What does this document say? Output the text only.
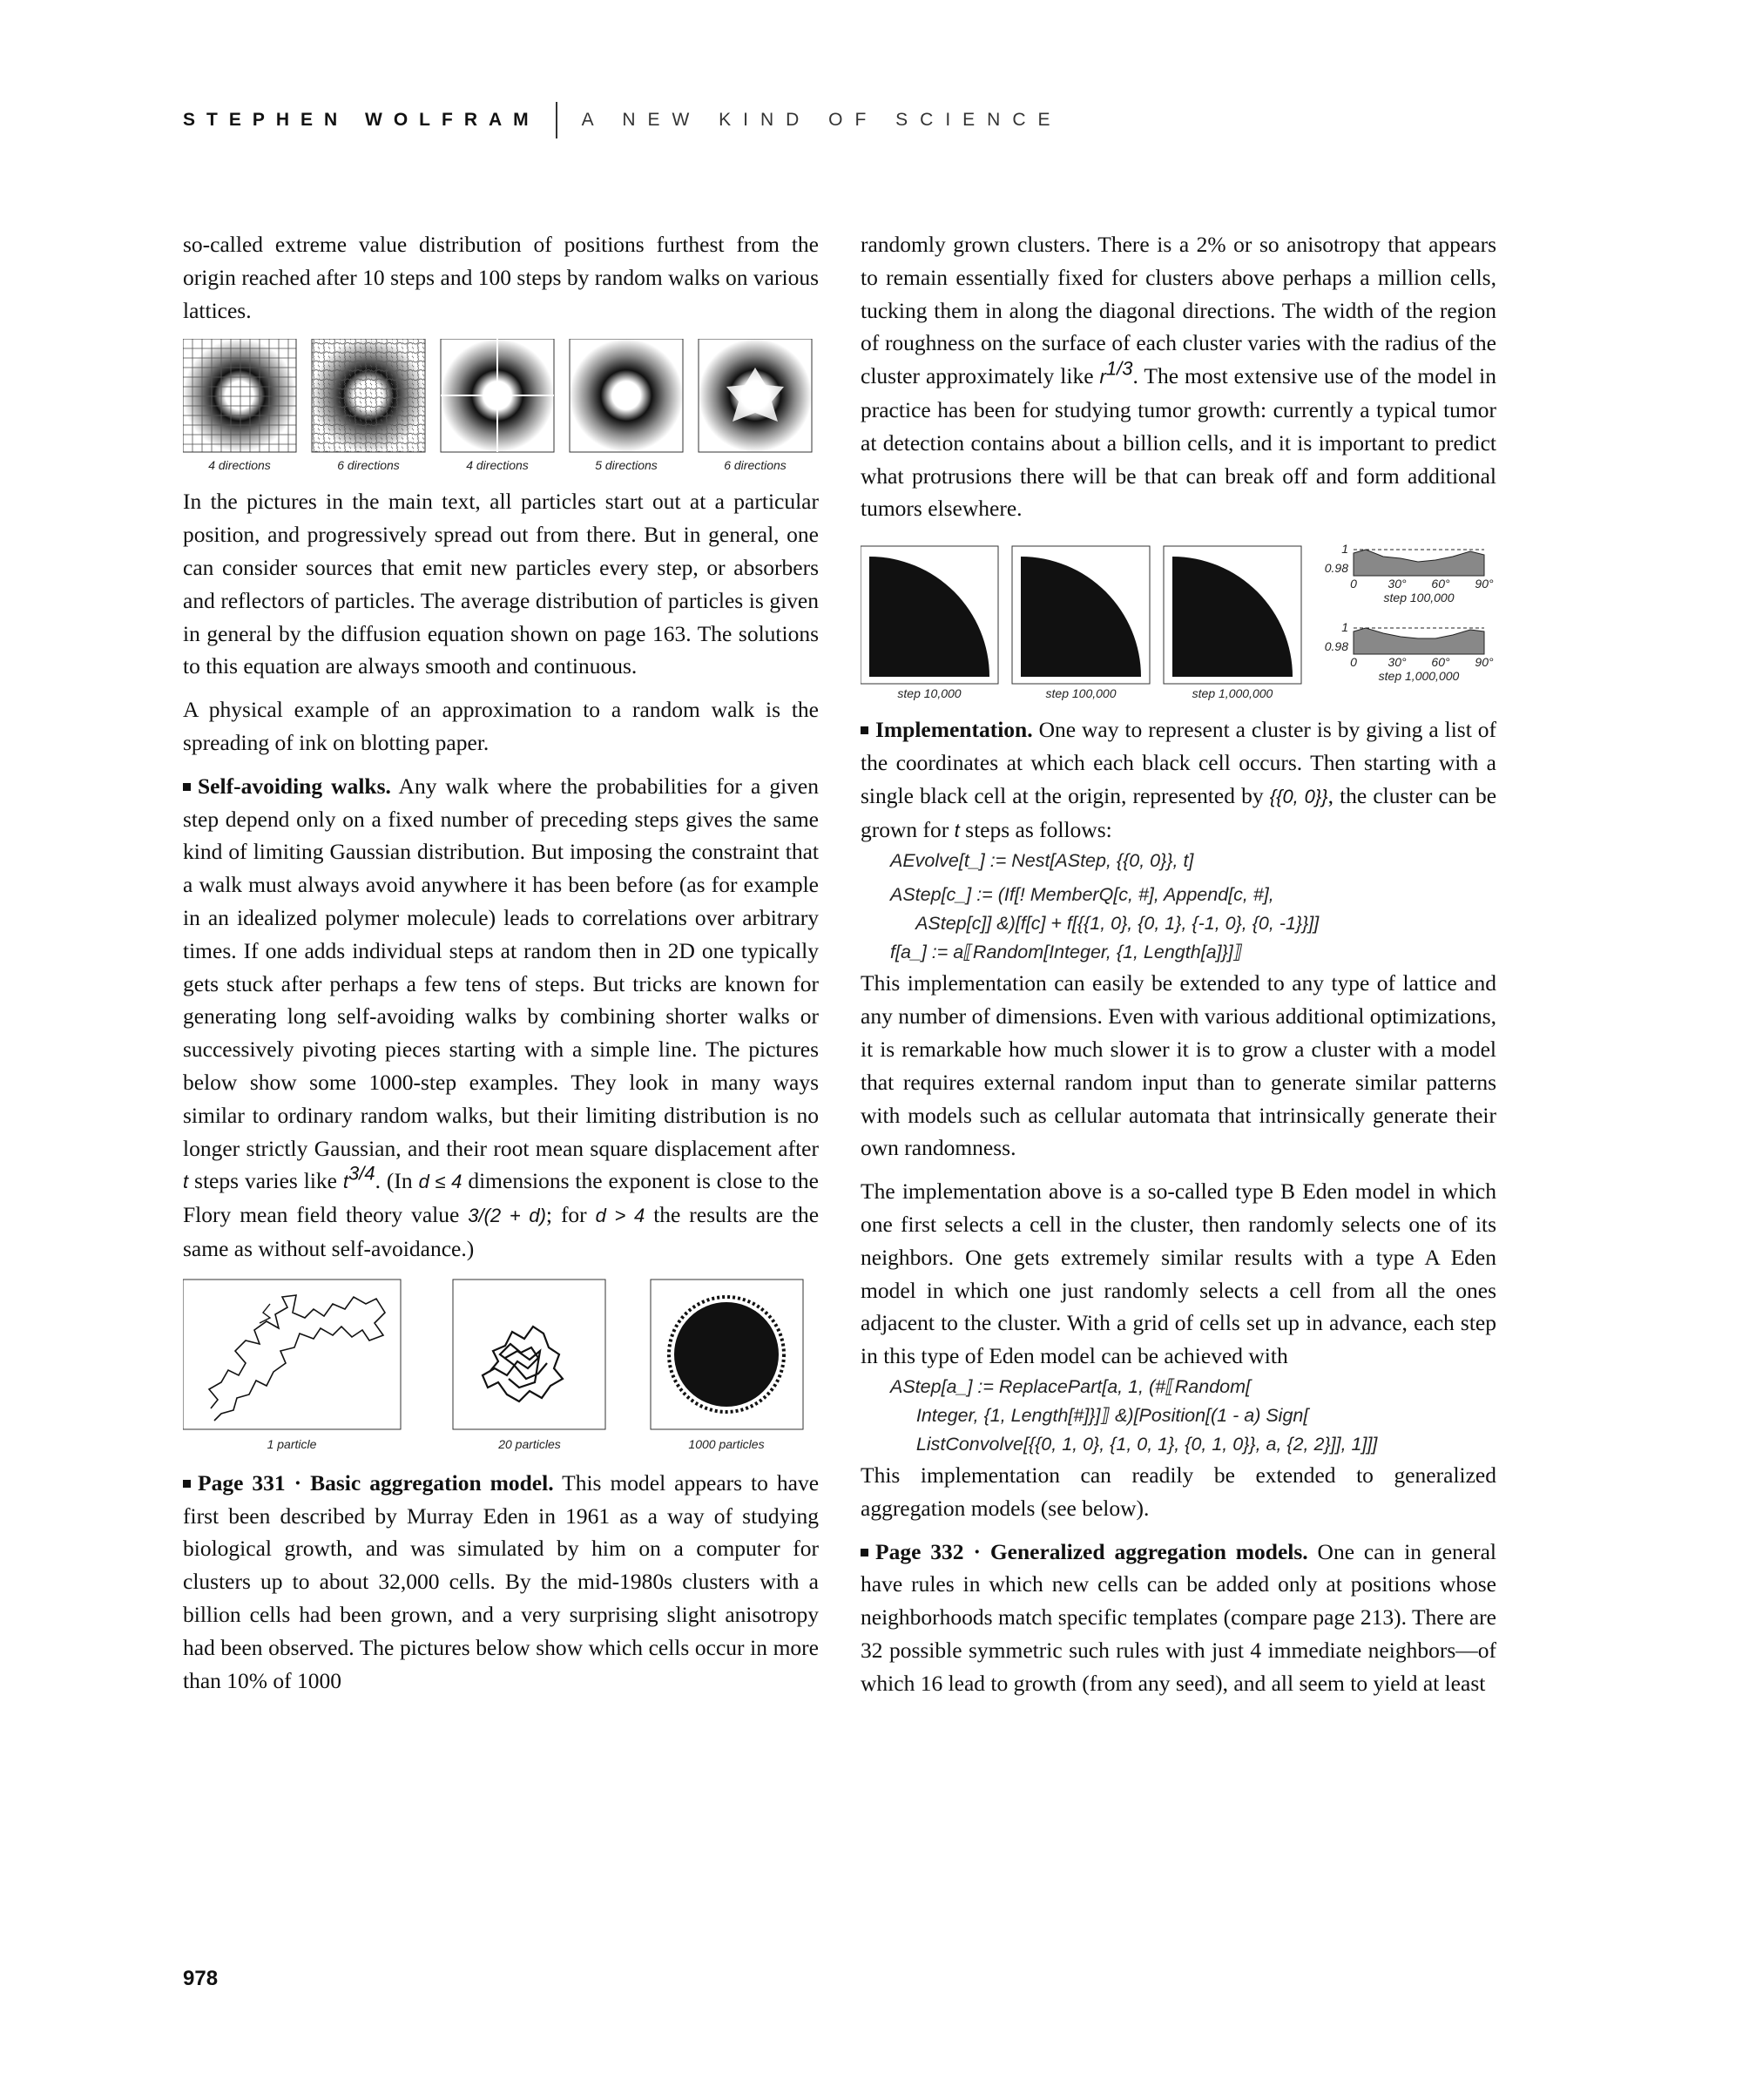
STEPHEN WOLFRAM A NEW KIND OF SCIENCE

so-called extreme value distribution of positions furthest from the origin reached after 10 steps and 100 steps by random walks on various lattices.

4 directions	6 directions	4 directions	5 directions	6 directions

In the pictures in the main text, all particles start out at a particular position, and progressively spread out from there. But in general, one can consider sources that emit new particles every step, or absorbers and reflectors of particles. The average distribution of particles is given in general by the diffusion equation shown on page 163. The solutions to this equation are always smooth and continuous.

A physical example of an approximation to a random walk is the spreading of ink on blotting paper.

Self-avoiding walks. Any walk where the probabilities for a given step depend only on a fixed number of preceding steps gives the same kind of limiting Gaussian distribution. But imposing the constraint that a walk must always avoid anywhere it has been before (as for example in an idealized polymer molecule) leads to correlations over arbitrary times. If one adds individual steps at random then in 2D one typically gets stuck after perhaps a few tens of steps. But tricks are known for generating long self-avoiding walks by combining shorter walks or successively pivoting pieces starting with a simple line. The pictures below show some 1000-step examples. They look in many ways similar to ordinary random walks, but their limiting distribution is no longer strictly Gaussian, and their root mean square displacement after t steps varies like $t^{3/4}$. (In d ≤ 4 dimensions the exponent is close to the Flory mean field theory value 3/(2 + d); for d > 4 the results are the same as without self-avoidance.)

1 particle	20 particles	1000 particles

Page 331 · Basic aggregation model. This model appears to have first been described by Murray Eden in 1961 as a way of studying biological growth, and was simulated by him on a computer for clusters up to about 32,000 cells. By the mid-1980s clusters with a billion cells had been grown, and a very surprising slight anisotropy had been observed. The pictures below show which cells occur in more than 10% of 1000

randomly grown clusters. There is a 2% or so anisotropy that appears to remain essentially fixed for clusters above perhaps a million cells, tucking them in along the diagonal directions. The width of the region of roughness on the surface of each cluster varies with the radius of the cluster approximately like $r^{1/3}$. The most extensive use of the model in practice has been for studying tumor growth: currently a typical tumor at detection contains about a billion cells, and it is important to predict what protrusions there will be that can break off and form additional tumors elsewhere.

step 10,000	step 100,000	step 1,000,000
1
0.98
0	30° 60° 90°
step 100,000
1
0.98
0	30° 60° 90°
step 1,000,000

Implementation. One way to represent a cluster is by giving a list of the coordinates at which each black cell occurs. Then starting with a single black cell at the origin, represented by {{0, 0}}, the cluster can be grown for t steps as follows:

AEvolve[t_] := Nest[AStep, {{0, 0}}, t]
AStep[c_] := (If[! MemberQ[c, #], Append[c, #],
AStep[c]] &)[f[c] + f[{{1, 0}, {0, 1}, {-1, 0}, {0, -1}}]]
f[a_] := a⟦Random[Integer, {1, Length[a]}]⟧

This implementation can easily be extended to any type of lattice and any number of dimensions. Even with various additional optimizations, it is remarkable how much slower it is to grow a cluster with a model that requires external random input than to generate similar patterns with models such as cellular automata that intrinsically generate their own randomness.

The implementation above is a so-called type B Eden model in which one first selects a cell in the cluster, then randomly selects one of its neighbors. One gets extremely similar results with a type A Eden model in which one just randomly selects a cell from all the ones adjacent to the cluster. With a grid of cells set up in advance, each step in this type of Eden model can be achieved with

AStep[a_] := ReplacePart[a, 1, (#⟦Random[
Integer, {1, Length[#]}]⟧ &)[Position[(1 - a) Sign[
ListConvolve[{{0, 1, 0}, {1, 0, 1}, {0, 1, 0}}, a, {2, 2}]], 1]]]

This implementation can readily be extended to generalized aggregation models (see below).

Page 332 · Generalized aggregation models. One can in general have rules in which new cells can be added only at positions whose neighborhoods match specific templates (compare page 213). There are 32 possible symmetric such rules with just 4 immediate neighbors—of which 16 lead to growth (from any seed), and all seem to yield at least

978
